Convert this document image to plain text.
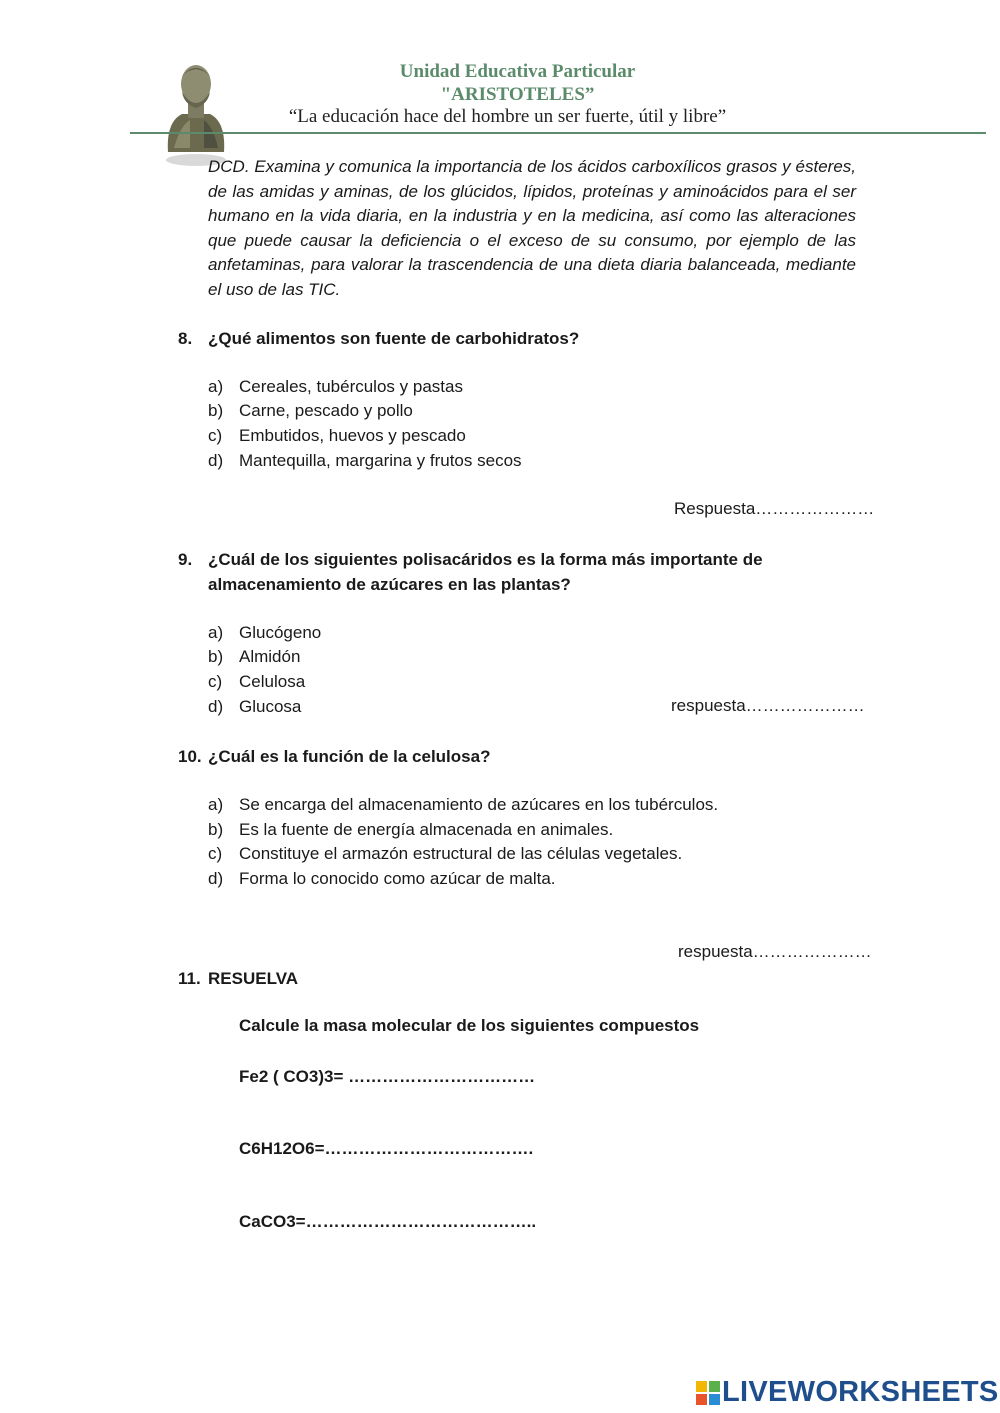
Unidad Educativa Particular
"ARISTOTELES”
“La educación hace del hombre un ser fuerte, útil y libre”
DCD. Examina y comunica la importancia de los ácidos carboxílicos grasos y ésteres, de las amidas y aminas, de los glúcidos, lípidos, proteínas y aminoácidos para el ser humano en la vida diaria, en la industria y en la medicina, así como las alteraciones que puede causar la deficiencia o el exceso de su consumo, por ejemplo de las anfetaminas, para valorar la trascendencia de una dieta diaria balanceada, mediante el uso de las TIC.
8. ¿Qué alimentos son fuente de carbohidratos?
a) Cereales, tubérculos y pastas
b) Carne, pescado y pollo
c) Embutidos, huevos y pescado
d) Mantequilla, margarina y frutos secos
Respuesta…………………
9. ¿Cuál de los siguientes polisacáridos es la forma más importante de almacenamiento de azúcares en las plantas?
a) Glucógeno
b) Almidón
c) Celulosa
d) Glucosa	respuesta…………………
10. ¿Cuál es la función de la celulosa?
a) Se encarga del almacenamiento de azúcares en los tubérculos.
b) Es la fuente de energía almacenada en animales.
c) Constituye el armazón estructural de las células vegetales.
d) Forma lo conocido como azúcar de malta.
respuesta…………………
11. RESUELVA
Calcule la masa molecular de los siguientes compuestos
Fe2 ( CO3)3= ……………………………
C6H12O6=……………………………….
CaCO3=…………………………………..
LIVEWORKSHEETS
